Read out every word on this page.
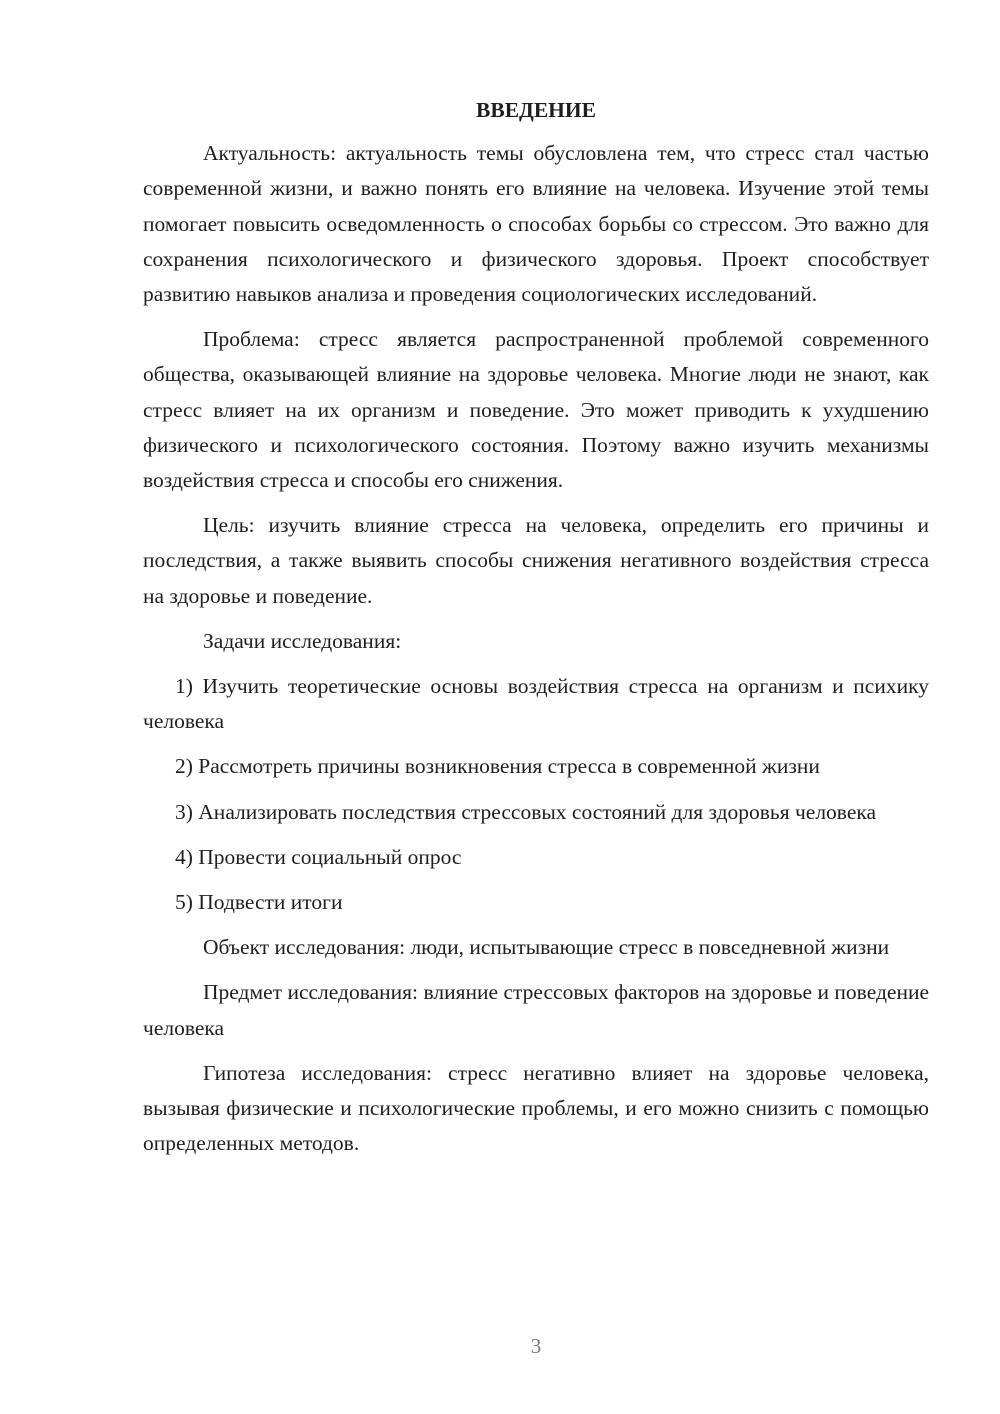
ВВЕДЕНИЕ

Актуальность: актуальность темы обусловлена тем, что стресс стал частью современной жизни, и важно понять его влияние на человека. Изучение этой темы помогает повысить осведомленность о способах борьбы со стрессом. Это важно для сохранения психологического и физического здоровья. Проект способствует развитию навыков анализа и проведения социологических исследований.

Проблема: стресс является распространенной проблемой современного общества, оказывающей влияние на здоровье человека. Многие люди не знают, как стресс влияет на их организм и поведение. Это может приводить к ухудшению физического и психологического состояния. Поэтому важно изучить механизмы воздействия стресса и способы его снижения.

Цель: изучить влияние стресса на человека, определить его причины и последствия, а также выявить способы снижения негативного воздействия стресса на здоровье и поведение.

Задачи исследования:

1) Изучить теоретические основы воздействия стресса на организм и психику человека

2) Рассмотреть причины возникновения стресса в современной жизни

3) Анализировать последствия стрессовых состояний для здоровья человека

4) Провести социальный опрос

5) Подвести итоги

Объект исследования: люди, испытывающие стресс в повседневной жизни

Предмет исследования: влияние стрессовых факторов на здоровье и поведение человека

Гипотеза исследования: стресс негативно влияет на здоровье человека, вызывая физические и психологические проблемы, и его можно снизить с помощью определенных методов.

3
